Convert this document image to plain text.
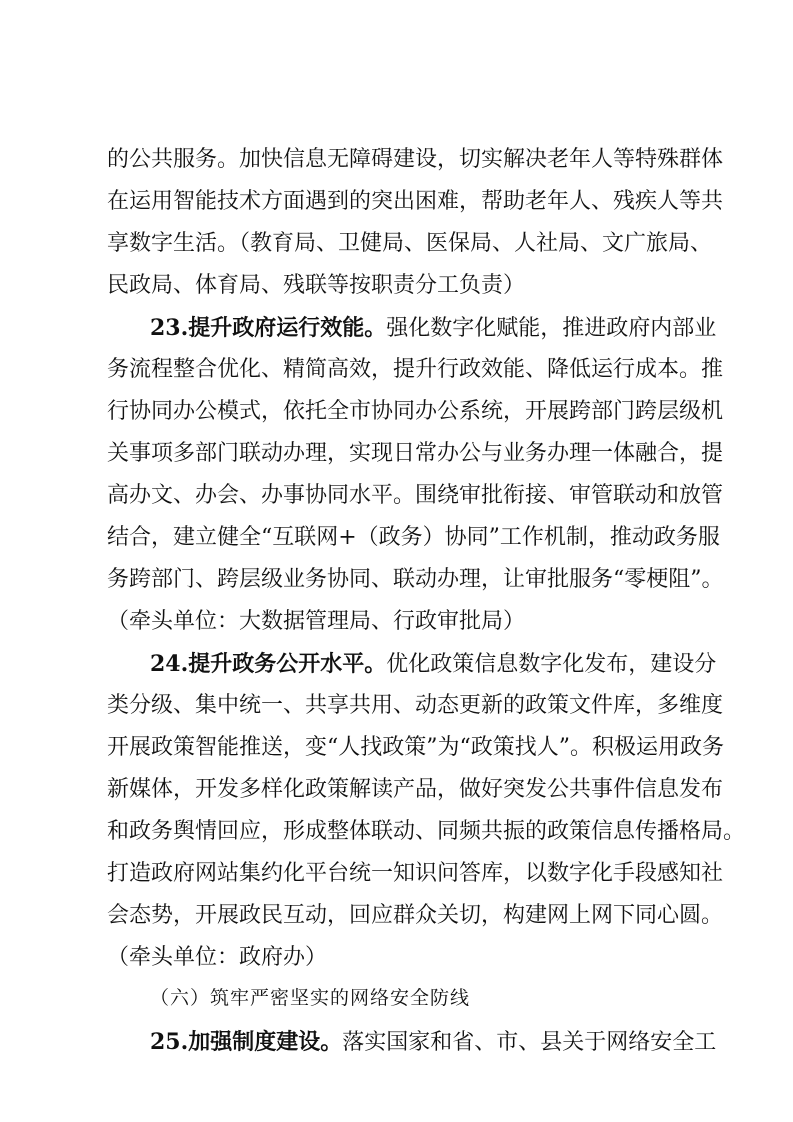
的公共服务。加快信息无障碍建设，切实解决老年人等特殊群体
在运用智能技术方面遇到的突出困难，帮助老年人、残疾人等共
享数字生活。（教育局、卫健局、医保局、人社局、文广旅局、
民政局、体育局、残联等按职责分工负责）
23.提升政府运行效能。强化数字化赋能，推进政府内部业
务流程整合优化、精简高效，提升行政效能、降低运行成本。推
行协同办公模式，依托全市协同办公系统，开展跨部门跨层级机
关事项多部门联动办理，实现日常办公与业务办理一体融合，提
高办文、办会、办事协同水平。围绕审批衔接、审管联动和放管
结合，建立健全“互联网+（政务）协同”工作机制，推动政务服
务跨部门、跨层级业务协同、联动办理，让审批服务“零梗阻”。
（牵头单位：大数据管理局、行政审批局）
24.提升政务公开水平。优化政策信息数字化发布，建设分
类分级、集中统一、共享共用、动态更新的政策文件库，多维度
开展政策智能推送，变“人找政策”为“政策找人”。积极运用政务
新媒体，开发多样化政策解读产品，做好突发公共事件信息发布
和政务舆情回应，形成整体联动、同频共振的政策信息传播格局。
打造政府网站集约化平台统一知识问答库，以数字化手段感知社
会态势，开展政民互动，回应群众关切，构建网上网下同心圆。
（牵头单位：政府办）
（六）筑牢严密坚实的网络安全防线
25.加强制度建设。落实国家和省、市、县关于网络安全工
